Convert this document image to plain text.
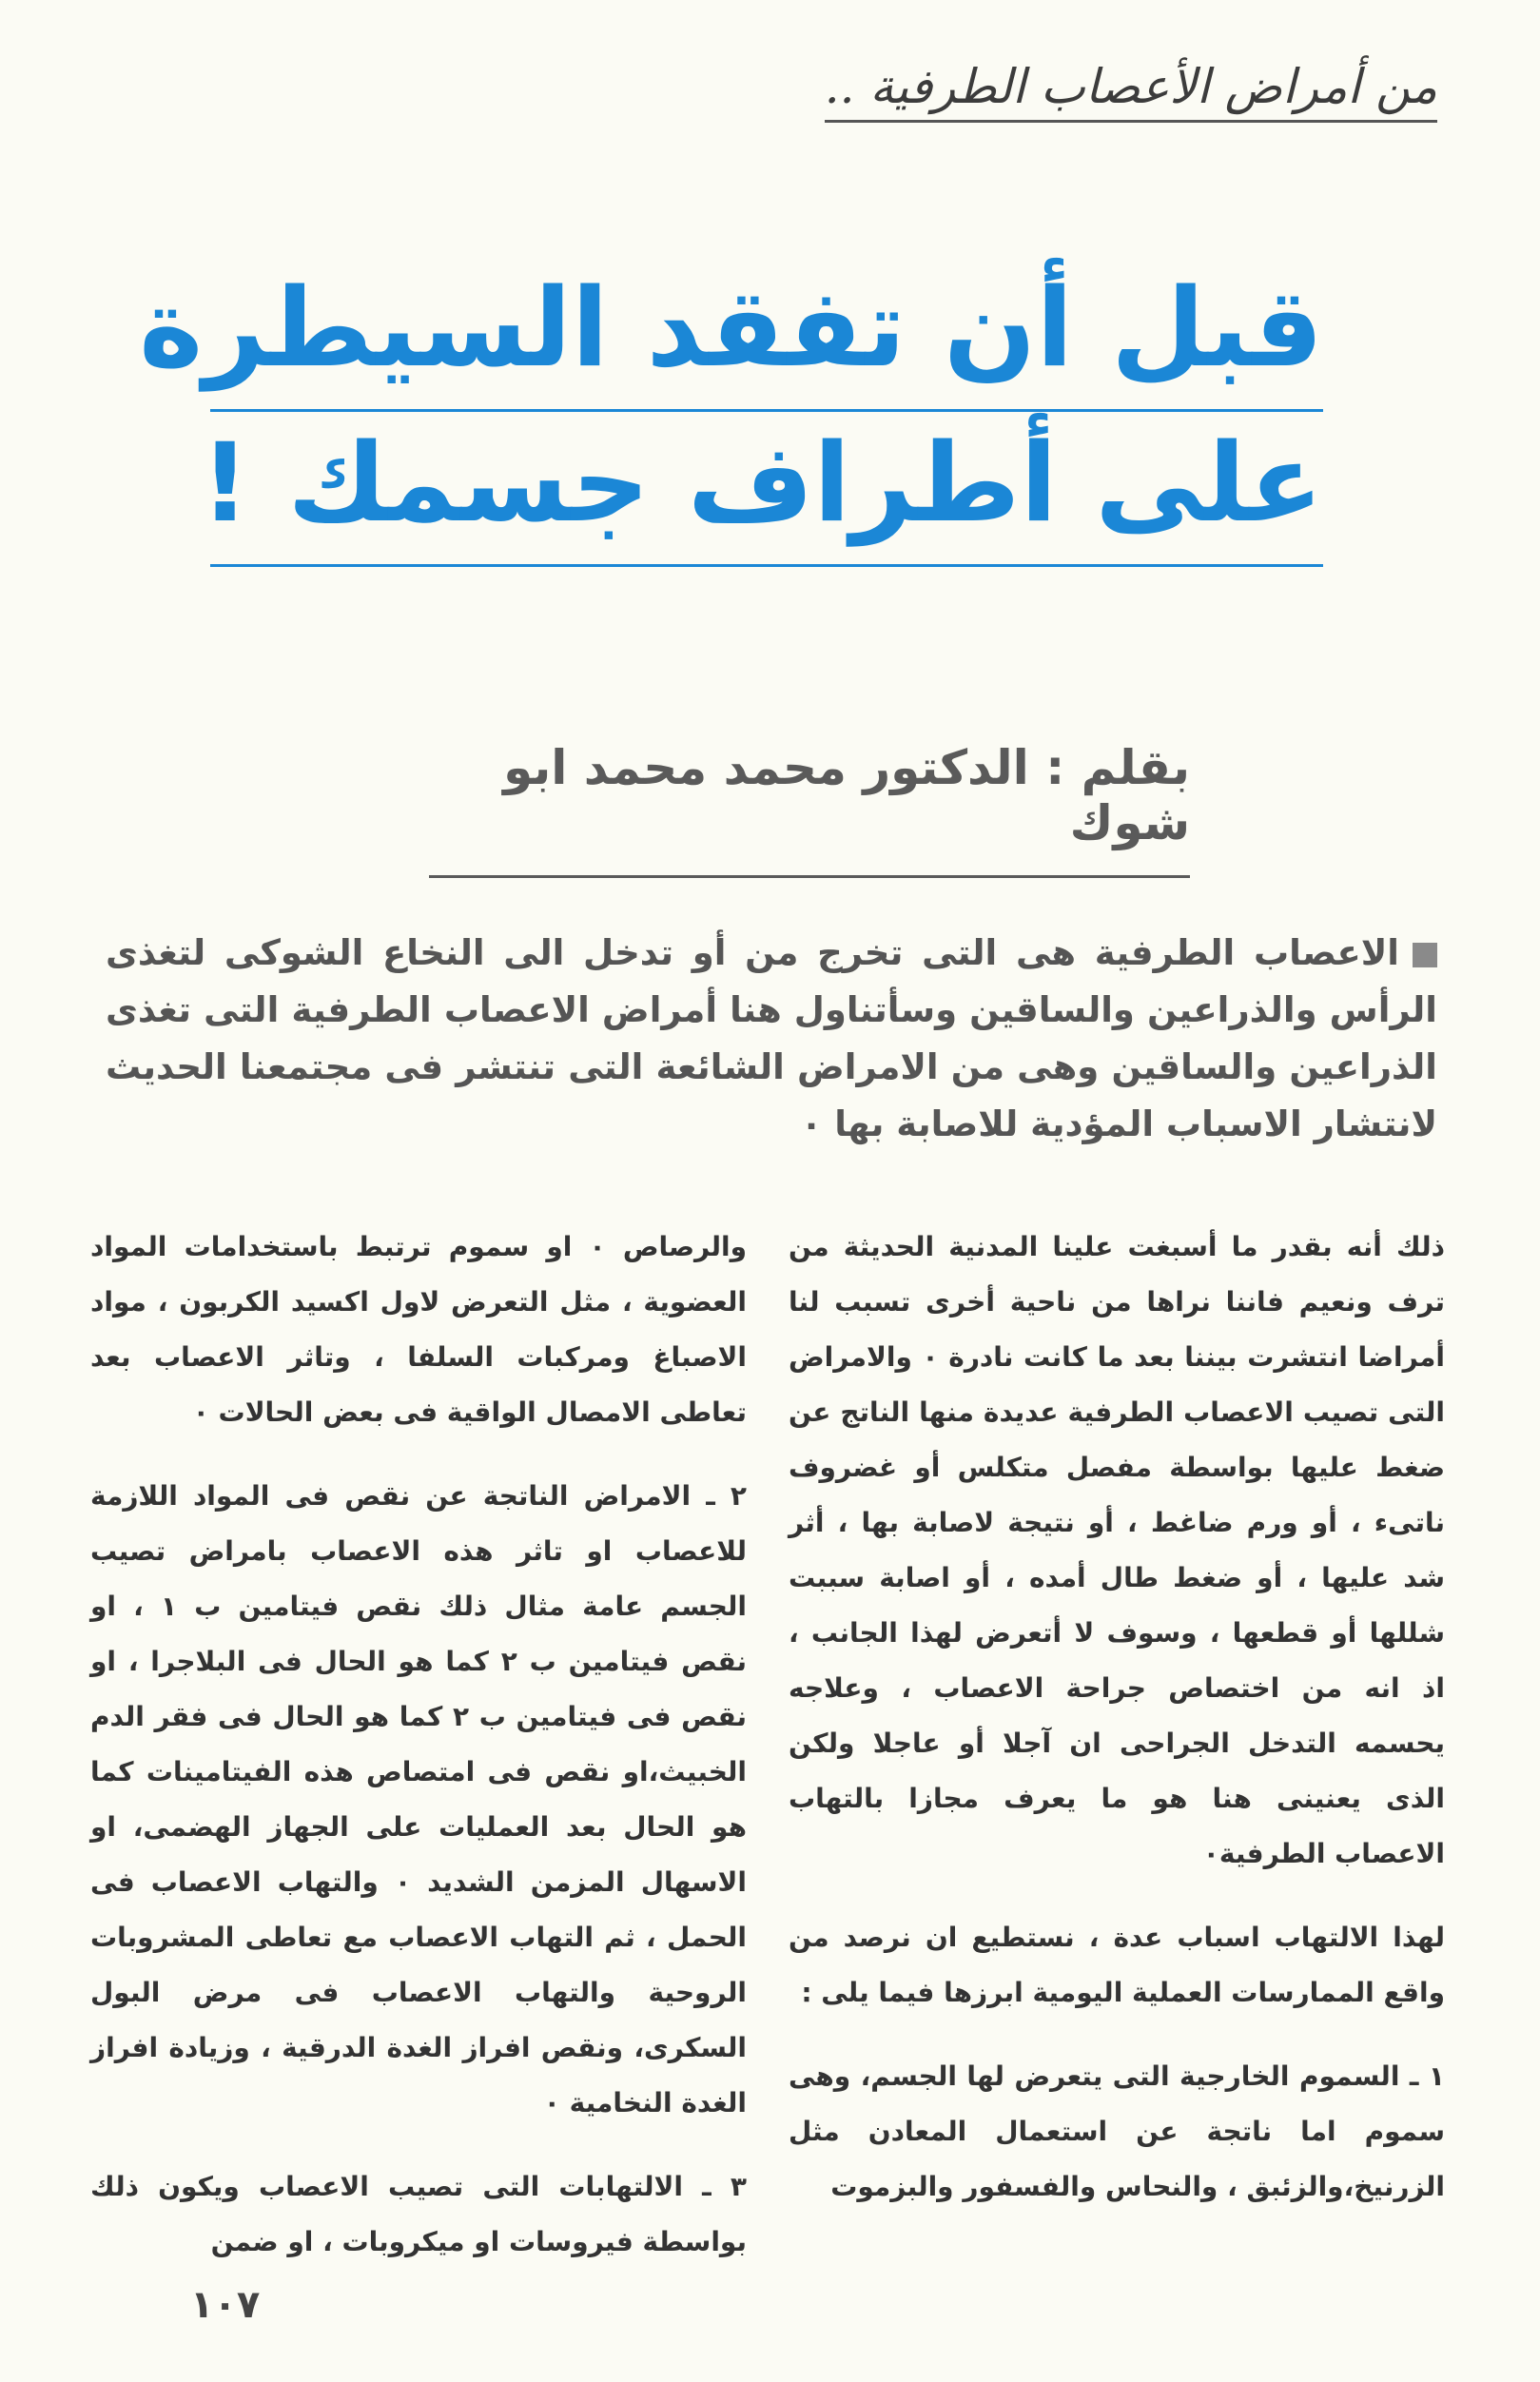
من أمراض الأعصاب الطرفية ..
قبل أن تفقد السيطرة
على أطراف جسمك !
بقلم : الدكتور محمد محمد ابو شوك
الاعصاب الطرفية هى التى تخرج من أو تدخل الى النخاع الشوكى لتغذى الرأس والذراعين والساقين وسأتناول هنا أمراض الاعصاب الطرفية التى تغذى الذراعين والساقين وهى من الامراض الشائعة التى تنتشر فى مجتمعنا الحديث لانتشار الاسباب المؤدية للاصابة بها ٠

ذلك أنه بقدر ما أسبغت علينا المدنية الحديثة من ترف ونعيم فاننا نراها من ناحية أخرى تسبب لنا أمراضا انتشرت بيننا بعد ما كانت نادرة ٠ والامراض التى تصيب الاعصاب الطرفية عديدة منها الناتج عن ضغط عليها بواسطة مفصل متكلس أو غضروف ناتىء ، أو ورم ضاغط ، أو نتيجة لاصابة بها ، أثر شد عليها ، أو ضغط طال أمده ، أو اصابة سببت شللها أو قطعها ، وسوف لا أتعرض لهذا الجانب ، اذ انه من اختصاص جراحة الاعصاب ، وعلاجه يحسمه التدخل الجراحى ان آجلا أو عاجلا ولكن الذى يعنينى هنا هو ما يعرف مجازا بالتهاب الاعصاب الطرفية٠

لهذا الالتهاب اسباب عدة ، نستطيع ان نرصد من واقع الممارسات العملية اليومية ابرزها فيما يلى :

١ ـ السموم الخارجية التى يتعرض لها الجسم، وهى سموم اما ناتجة عن استعمال المعادن مثل الزرنيخ،والزئبق ، والنحاس والفسفور والبزموت

والرصاص ٠ او سموم ترتبط باستخدامات المواد العضوية ، مثل التعرض لاول اكسيد الكربون ، مواد الاصباغ ومركبات السلفا ، وتاثر الاعصاب بعد تعاطى الامصال الواقية فى بعض الحالات ٠

٢ ـ الامراض الناتجة عن نقص فى المواد اللازمة للاعصاب او تاثر هذه الاعصاب بامراض تصيب الجسم عامة مثال ذلك نقص فيتامين ب ١ ، او نقص فيتامين ب ٢ كما هو الحال فى البلاجرا ، او نقص فى فيتامين ب ٢ كما هو الحال فى فقر الدم الخبيث،او نقص فى امتصاص هذه الفيتامينات كما هو الحال بعد العمليات على الجهاز الهضمى، او الاسهال المزمن الشديد ٠ والتهاب الاعصاب فى الحمل ، ثم التهاب الاعصاب مع تعاطى المشروبات الروحية والتهاب الاعصاب فى مرض البول السكرى، ونقص افراز الغدة الدرقية ، وزيادة افراز الغدة النخامية ٠

٣ ـ الالتهابات التى تصيب الاعصاب ويكون ذلك بواسطة فيروسات او ميكروبات ، او ضمن

١٠٧
